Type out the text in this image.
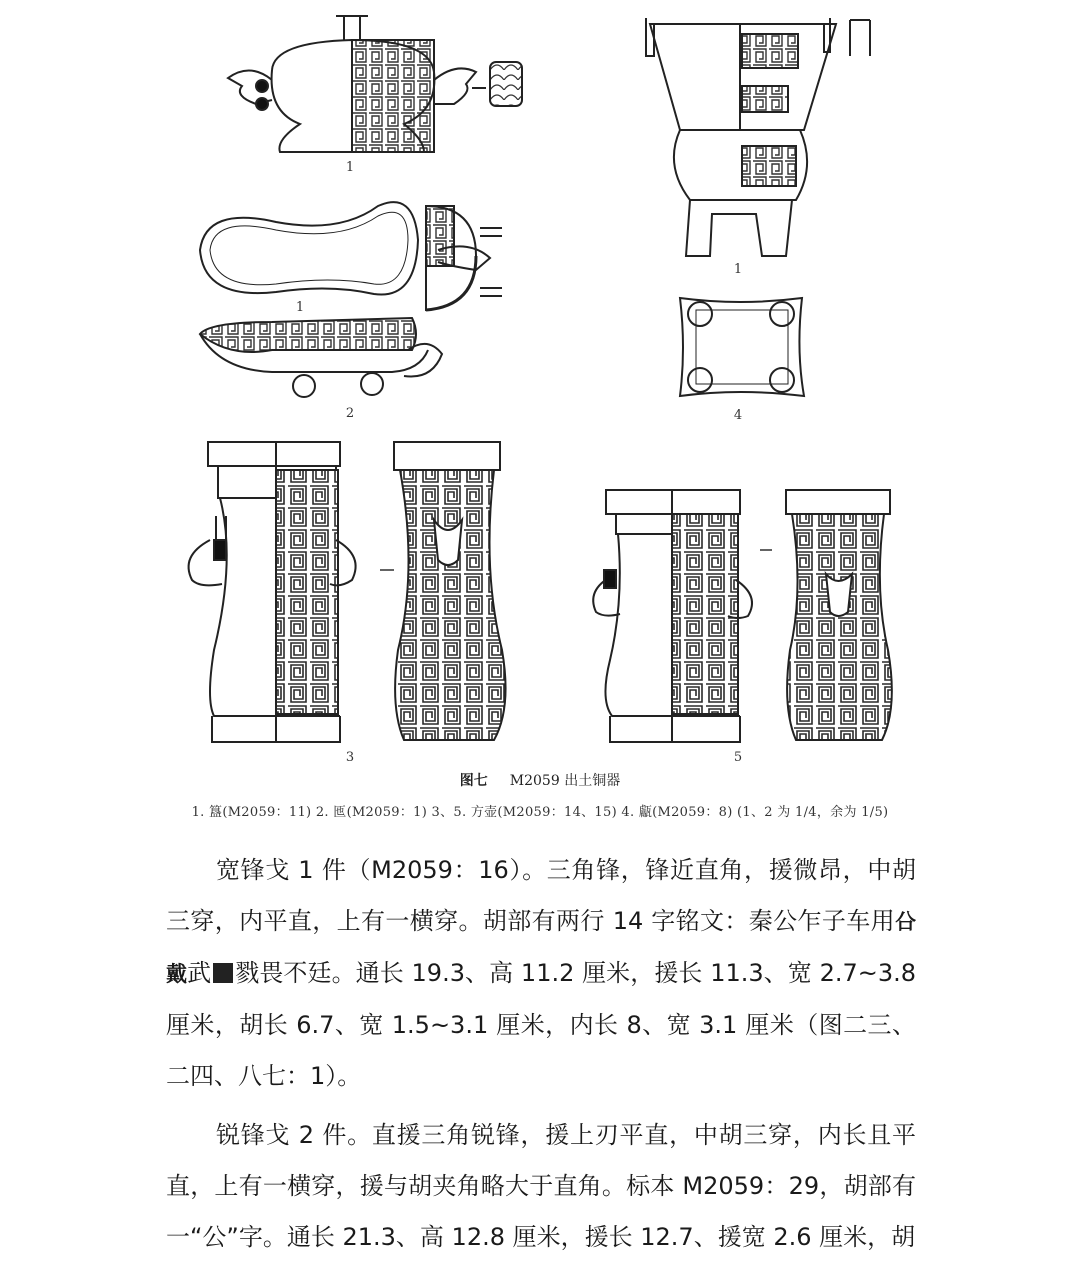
1
1
1
2	4
3	5
图七 M2059 出土铜器
1. 簋(M2059：11) 2. 匜(M2059：1) 3、5. 方壶(M2059：14、15) 4. 甗(M2059：8) (1、2 为 1/4，余为 1/5)

宽锋戈 1 件（M2059：16）。三角锋，锋近直角，援微昂，中胡三穿，内平直，上有一横穿。胡部有两行 14 字铭文：秦公乍子车用㕣戴武 戮畏不廷。通长 19.3、高 11.2 厘米，援长 11.3、宽 2.7~3.8 厘米，胡长 6.7、宽 1.5~3.1 厘米，内长 8、宽 3.1 厘米（图二三、二四、八七：1）。

锐锋戈 2 件。直援三角锐锋，援上刃平直，中胡三穿，内长且平直，上有一横穿，援与胡夹角略大于直角。标本 M2059：29，胡部有一“公”字。通长 21.3、高 12.8 厘米，援长 12.7、援宽 2.6 厘米，胡
